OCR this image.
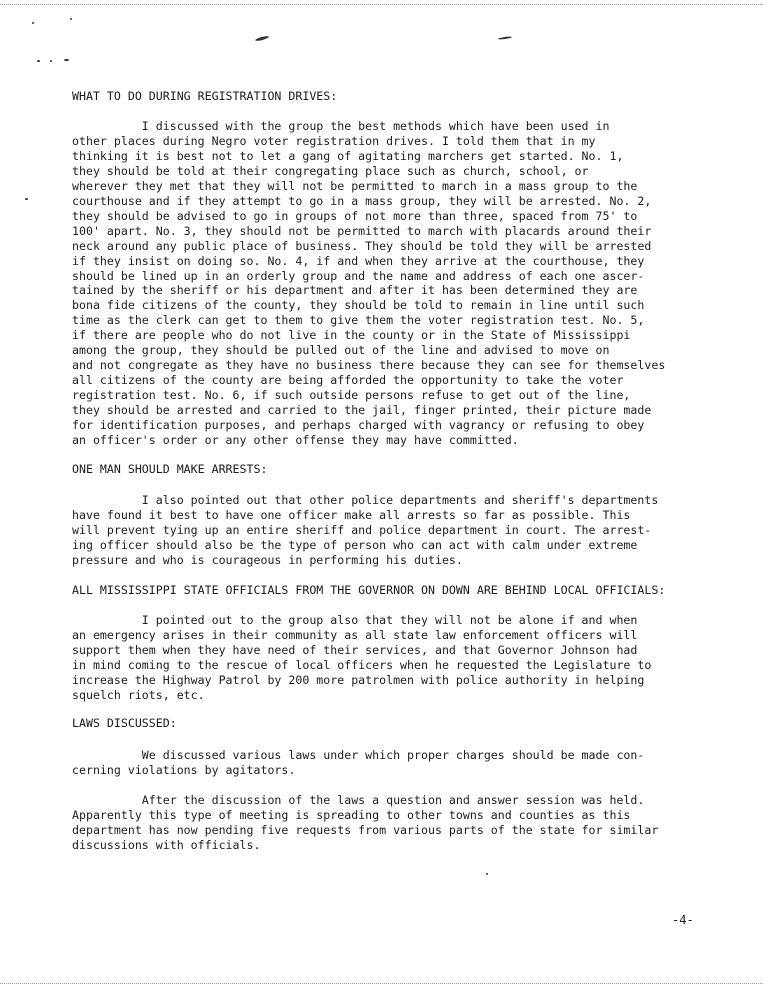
WHAT TO DO DURING REGISTRATION DRIVES:
I discussed with the group the best methods which have been used in
other places during Negro voter registration drives. I told them that in my
thinking it is best not to let a gang of agitating marchers get started. No. 1,
they should be told at their congregating place such as church, school, or
wherever they met that they will not be permitted to march in a mass group to the
courthouse and if they attempt to go in a mass group, they will be arrested. No. 2,
they should be advised to go in groups of not more than three, spaced from 75' to
100' apart. No. 3, they should not be permitted to march with placards around their
neck around any public place of business. They should be told they will be arrested
if they insist on doing so. No. 4, if and when they arrive at the courthouse, they
should be lined up in an orderly group and the name and address of each one ascer-
tained by the sheriff or his department and after it has been determined they are
bona fide citizens of the county, they should be told to remain in line until such
time as the clerk can get to them to give them the voter registration test. No. 5,
if there are people who do not live in the county or in the State of Mississippi
among the group, they should be pulled out of the line and advised to move on
and not congregate as they have no business there because they can see for themselves
all citizens of the county are being afforded the opportunity to take the voter
registration test. No. 6, if such outside persons refuse to get out of the line,
they should be arrested and carried to the jail, finger printed, their picture made
for identification purposes, and perhaps charged with vagrancy or refusing to obey
an officer's order or any other offense they may have committed.
ONE MAN SHOULD MAKE ARRESTS:
I also pointed out that other police departments and sheriff's departments
have found it best to have one officer make all arrests so far as possible. This
will prevent tying up an entire sheriff and police department in court. The arrest-
ing officer should also be the type of person who can act with calm under extreme
pressure and who is courageous in performing his duties.
ALL MISSISSIPPI STATE OFFICIALS FROM THE GOVERNOR ON DOWN ARE BEHIND LOCAL OFFICIALS:
I pointed out to the group also that they will not be alone if and when
an emergency arises in their community as all state law enforcement officers will
support them when they have need of their services, and that Governor Johnson had
in mind coming to the rescue of local officers when he requested the Legislature to
increase the Highway Patrol by 200 more patrolmen with police authority in helping
squelch riots, etc.
LAWS DISCUSSED:
We discussed various laws under which proper charges should be made con-
cerning violations by agitators.
After the discussion of the laws a question and answer session was held.
Apparently this type of meeting is spreading to other towns and counties as this
department has now pending five requests from various parts of the state for similar
discussions with officials.
-4-
